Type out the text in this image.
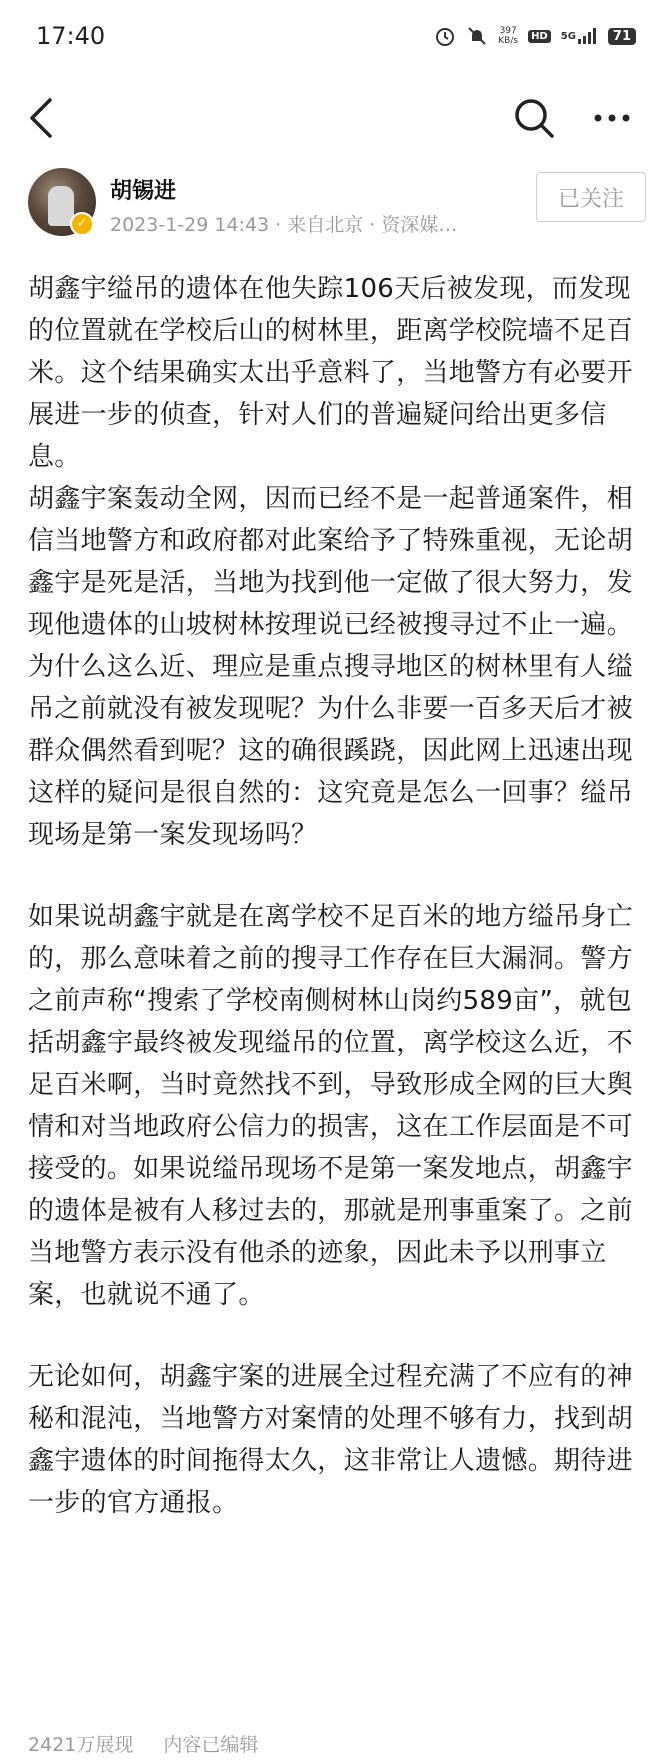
17:40	397
KB/s	HD	5G	71
✓
胡锡进
2023-1-29 14:43 · 来自北京 · 资深媒…
已关注

胡鑫宇缢吊的遗体在他失踪106天后被发现，而发现的位置就在学校后山的树林里，距离学校院墙不足百米。这个结果确实太出乎意料了，当地警方有必要开展进一步的侦查，针对人们的普遍疑问给出更多信息。

胡鑫宇案轰动全网，因而已经不是一起普通案件，相信当地警方和政府都对此案给予了特殊重视，无论胡鑫宇是死是活，当地为找到他一定做了很大努力，发现他遗体的山坡树林按理说已经被搜寻过不止一遍。为什么这么近、理应是重点搜寻地区的树林里有人缢吊之前就没有被发现呢？为什么非要一百多天后才被群众偶然看到呢？这的确很蹊跷，因此网上迅速出现这样的疑问是很自然的：这究竟是怎么一回事？缢吊现场是第一案发现场吗？

如果说胡鑫宇就是在离学校不足百米的地方缢吊身亡的，那么意味着之前的搜寻工作存在巨大漏洞。警方之前声称“搜索了学校南侧树林山岗约589亩”，就包括胡鑫宇最终被发现缢吊的位置，离学校这么近，不足百米啊，当时竟然找不到，导致形成全网的巨大舆情和对当地政府公信力的损害，这在工作层面是不可接受的。如果说缢吊现场不是第一案发地点，胡鑫宇的遗体是被有人移过去的，那就是刑事重案了。之前当地警方表示没有他杀的迹象，因此未予以刑事立案，也就说不通了。

无论如何，胡鑫宇案的进展全过程充满了不应有的神秘和混沌，当地警方对案情的处理不够有力，找到胡鑫宇遗体的时间拖得太久，这非常让人遗憾。期待进一步的官方通报。

2421万展现 内容已编辑
